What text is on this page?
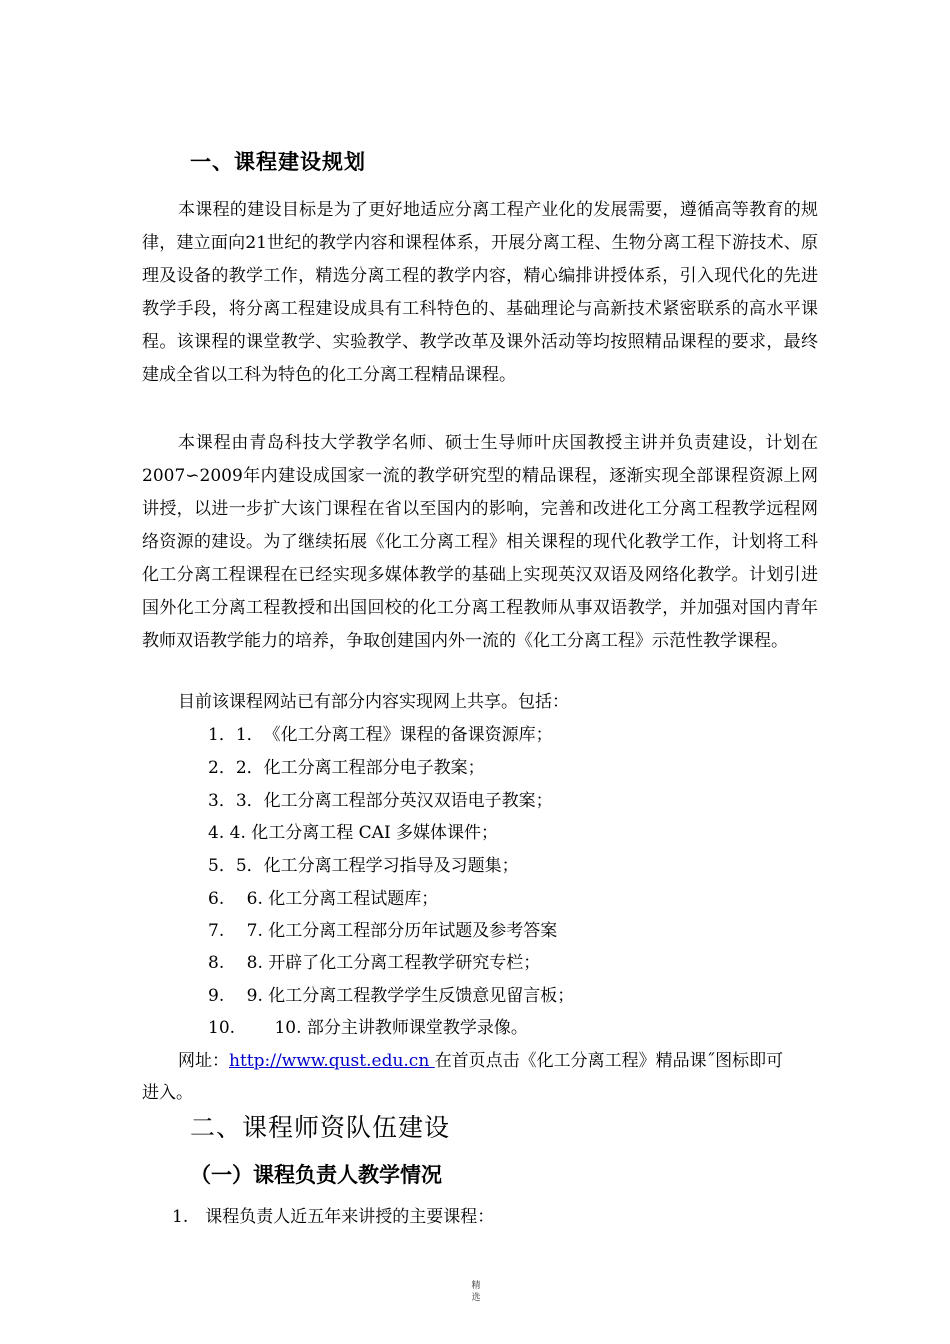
一、课程建设规划

本课程的建设目标是为了更好地适应分离工程产业化的发展需要，遵循高等教育的规律，建立面向21世纪的教学内容和课程体系，开展分离工程、生物分离工程下游技术、原理及设备的教学工作，精选分离工程的教学内容，精心编排讲授体系，引入现代化的先进教学手段，将分离工程建设成具有工科特色的、基础理论与高新技术紧密联系的高水平课程。该课程的课堂教学、实验教学、教学改革及课外活动等均按照精品课程的要求，最终建成全省以工科为特色的化工分离工程精品课程。

本课程由青岛科技大学教学名师、硕士生导师叶庆国教授主讲并负责建设，计划在2007∽2009年内建设成国家一流的教学研究型的精品课程，逐渐实现全部课程资源上网讲授，以进一步扩大该门课程在省以至国内的影响，完善和改进化工分离工程教学远程网络资源的建设。为了继续拓展《化工分离工程》相关课程的现代化教学工作，计划将工科化工分离工程课程在已经实现多媒体教学的基础上实现英汉双语及网络化教学。计划引进国外化工分离工程教授和出国回校的化工分离工程教师从事双语教学，并加强对国内青年教师双语教学能力的培养，争取创建国内外一流的《化工分离工程》示范性教学课程。

目前该课程网站已有部分内容实现网上共享。包括：
1．1．《化工分离工程》课程的备课资源库；
2．2．化工分离工程部分电子教案；
3．3．化工分离工程部分英汉双语电子教案；
4. 4. 化工分离工程 CAI 多媒体课件；
5．5．化工分离工程学习指导及习题集；
6.　 6. 化工分离工程试题库；
7.　 7. 化工分离工程部分历年试题及参考答案
8.　 8. 开辟了化工分离工程教学研究专栏；
9.　 9. 化工分离工程教学学生反馈意见留言板；
10.　　 10. 部分主讲教师课堂教学录像。
网址：http://www.qust.edu.cn 在首页点击《化工分离工程》精品课˝图标即可
进入。
二、课程师资队伍建设
（一）课程负责人教学情况
1.　课程负责人近五年来讲授的主要课程：
精
选
